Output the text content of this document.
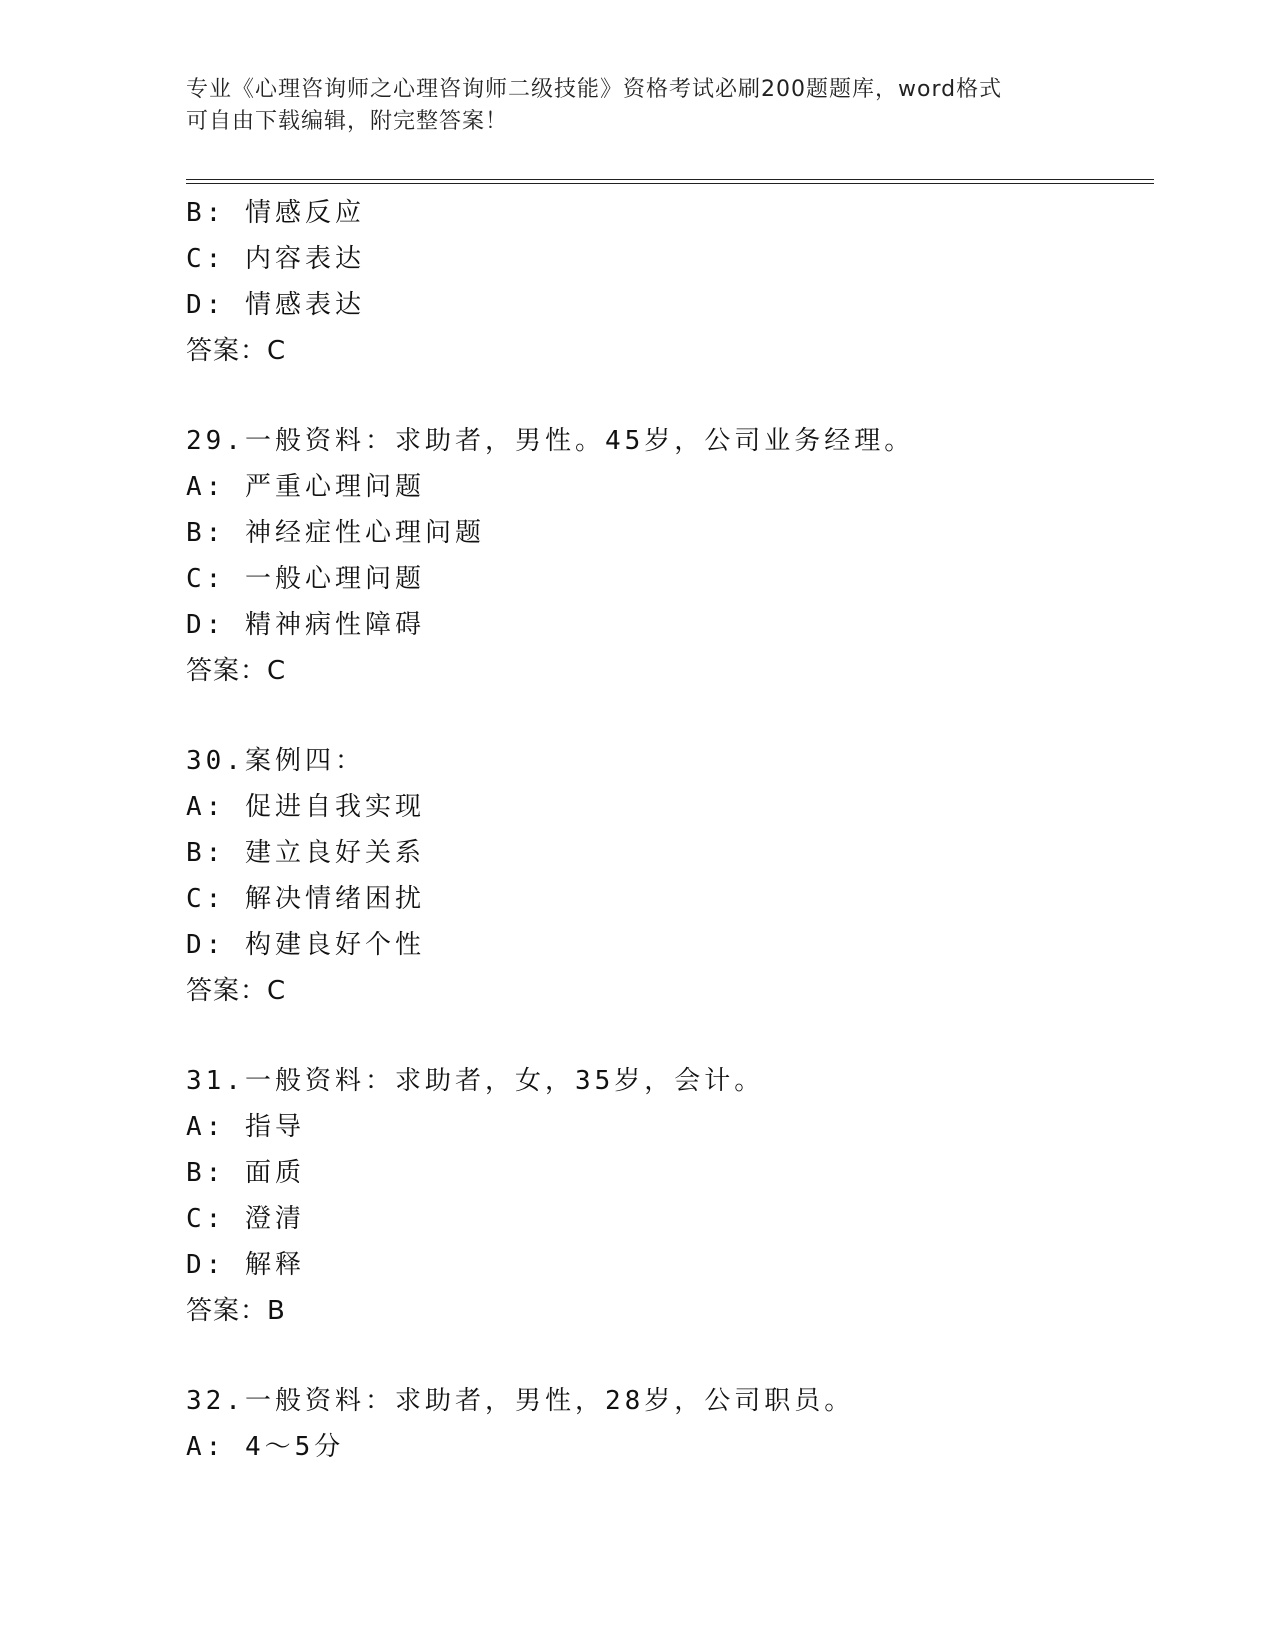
专业《心理咨询师之心理咨询师二级技能》资格考试必刷200题题库，word格式
可自由下载编辑，附完整答案！
B: 情感反应
C: 内容表达
D: 情感表达
答案：C
29.一般资料：求助者，男性。45岁，公司业务经理。
A: 严重心理问题
B: 神经症性心理问题
C: 一般心理问题
D: 精神病性障碍
答案：C
30.案例四：
A: 促进自我实现
B: 建立良好关系
C: 解决情绪困扰
D: 构建良好个性
答案：C
31.一般资料：求助者，女，35岁，会计。
A: 指导
B: 面质
C: 澄清
D: 解释
答案：B
32.一般资料：求助者，男性，28岁，公司职员。
A: 4～5分
